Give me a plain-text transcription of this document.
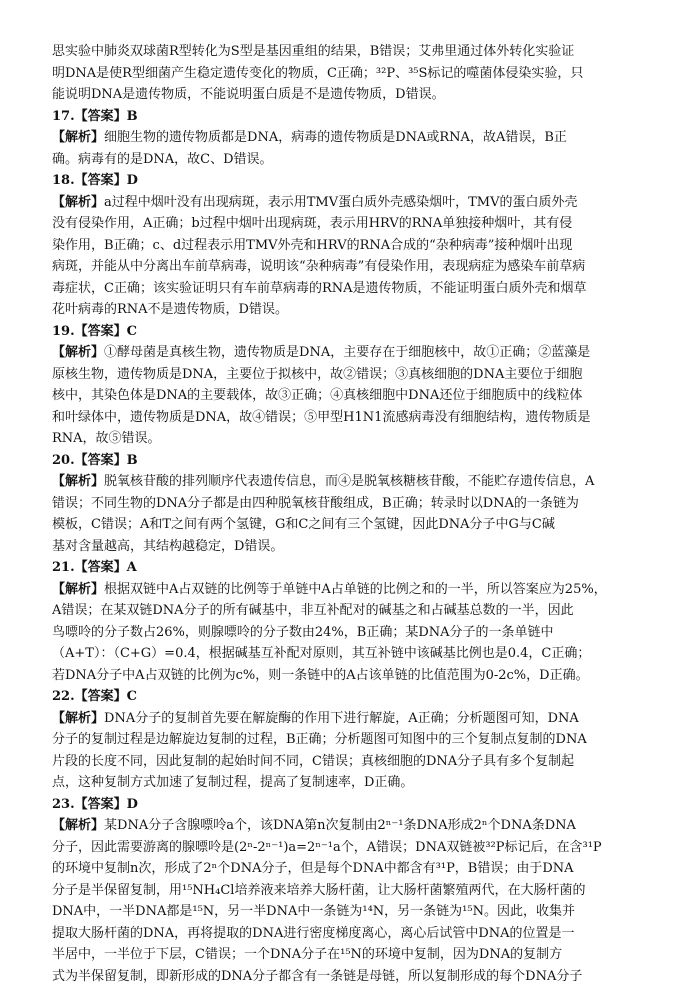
思实验中肺炎双球菌R型转化为S型是基因重组的结果，B错误；艾弗里通过体外转化实验证
明DNA是使R型细菌产生稳定遗传变化的物质，C正确；³²P、³⁵S标记的噬菌体侵染实验，只
能说明DNA是遗传物质，不能说明蛋白质是不是遗传物质，D错误。
17.【答案】B
【解析】细胞生物的遗传物质都是DNA，病毒的遗传物质是DNA或RNA，故A错误，B正
确。病毒有的是DNA，故C、D错误。
18.【答案】D
【解析】a过程中烟叶没有出现病斑，表示用TMV蛋白质外壳感染烟叶，TMV的蛋白质外壳
没有侵染作用，A正确；b过程中烟叶出现病斑，表示用HRV的RNA单独接种烟叶，其有侵
染作用，B正确；c、d过程表示用TMV外壳和HRV的RNA合成的“杂种病毒”接种烟叶出现
病斑，并能从中分离出车前草病毒，说明该“杂种病毒”有侵染作用，表现病症为感染车前草病
毒症状，C正确；该实验证明只有车前草病毒的RNA是遗传物质，不能证明蛋白质外壳和烟草
花叶病毒的RNA不是遗传物质，D错误。
19.【答案】C
【解析】①酵母菌是真核生物，遗传物质是DNA，主要存在于细胞核中，故①正确；②蓝藻是
原核生物，遗传物质是DNA，主要位于拟核中，故②错误；③真核细胞的DNA主要位于细胞
核中，其染色体是DNA的主要载体，故③正确；④真核细胞中DNA还位于细胞质中的线粒体
和叶绿体中，遗传物质是DNA，故④错误；⑤甲型H1N1流感病毒没有细胞结构，遗传物质是
RNA，故⑤错误。
20.【答案】B
【解析】脱氧核苷酸的排列顺序代表遗传信息，而④是脱氧核糖核苷酸，不能贮存遗传信息，A
错误；不同生物的DNA分子都是由四种脱氧核苷酸组成，B正确；转录时以DNA的一条链为
模板，C错误；A和T之间有两个氢键，G和C之间有三个氢键，因此DNA分子中G与C碱
基对含量越高，其结构越稳定，D错误。
21.【答案】A
【解析】根据双链中A占双链的比例等于单链中A占单链的比例之和的一半，所以答案应为25%，
A错误；在某双链DNA分子的所有碱基中，非互补配对的碱基之和占碱基总数的一半，因此
鸟嘌呤的分子数占26%，则腺嘌呤的分子数由24%，B正确；某DNA分子的一条单链中
（A+T）：（C+G）=0.4，根据碱基互补配对原则，其互补链中该碱基比例也是0.4，C正确；
若DNA分子中A占双链的比例为c%，则一条链中的A占该单链的比值范围为0-2c%，D正确。
22.【答案】C
【解析】DNA分子的复制首先要在解旋酶的作用下进行解旋，A正确；分析题图可知，DNA
分子的复制过程是边解旋边复制的过程，B正确；分析题图可知图中的三个复制点复制的DNA
片段的长度不同，因此复制的起始时间不同，C错误；真核细胞的DNA分子具有多个复制起
点，这种复制方式加速了复制过程，提高了复制速率，D正确。
23.【答案】D
【解析】某DNA分子含腺嘌呤a个，该DNA第n次复制由2ⁿ⁻¹条DNA形成2ⁿ个DNA条DNA
分子，因此需要游离的腺嘌呤是(2ⁿ-2ⁿ⁻¹)a=2ⁿ⁻¹a个，A错误；DNA双链被³²P标记后，在含³¹P
的环境中复制n次，形成了2ⁿ个DNA分子，但是每个DNA中都含有³¹P，B错误；由于DNA
分子是半保留复制，用¹⁵NH₄Cl培养液来培养大肠杆菌，让大肠杆菌繁殖两代，在大肠杆菌的
DNA中，一半DNA都是¹⁵N，另一半DNA中一条链为¹⁴N，另一条链为¹⁵N。因此，收集并
提取大肠杆菌的DNA，再将提取的DNA进行密度梯度离心，离心后试管中DNA的位置是一
半居中，一半位于下层，C错误；一个DNA分子在¹⁵N的环境中复制，因为DNA的复制方
式为半保留复制，即新形成的DNA分子都含有一条链是母链，所以复制形成的每个DNA分子
